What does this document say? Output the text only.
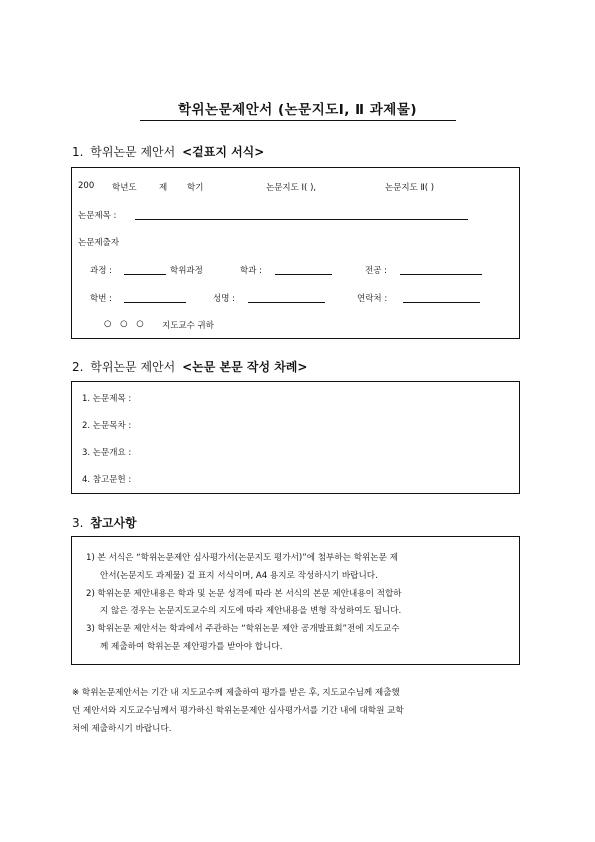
학위논문제안서 (논문지도Ⅰ, Ⅱ 과제물)
1. 학위논문 제안서 <겉표지 서식>
200 학년도	제 학기	논문지도 Ⅰ( ),	논문지도 Ⅱ( )
논문제목 :
논문제출자
과정 :	학위과정	학과 :	전공 :
학번 :	성명 :	연락처 :
○ ○ ○ 지도교수 귀하
2. 학위논문 제안서 <논문 본문 작성 차례>
1. 논문제목 :
2. 논문목차 :
3. 논문개요 :
4. 참고문헌 :
3. 참고사항
1) 본 서식은 “학위논문제안 심사평가서(논문지도 평가서)”에 첨부하는 학위논문 제
안서(논문지도 과제물) 겉 표지 서식이며, A4 용지로 작성하시기 바랍니다.
2) 학위논문 제안내용은 학과 및 논문 성격에 따라 본 서식의 본문 제안내용이 적합하
지 않은 경우는 논문지도교수의 지도에 따라 제안내용을 변형 작성하여도 됩니다.
3) 학위논문 제안서는 학과에서 주관하는 “학위논문 제안 공개발표회”전에 지도교수
께 제출하여 학위논문 제안평가를 받아야 합니다.
※ 학위논문제안서는 기간 내 지도교수께 제출하여 평가를 받은 후, 지도교수님께 제출했
던 제안서와 지도교수님께서 평가하신 학위논문제안 심사평가서를 기간 내에 대학원 교학
처에 제출하시기 바랍니다.
